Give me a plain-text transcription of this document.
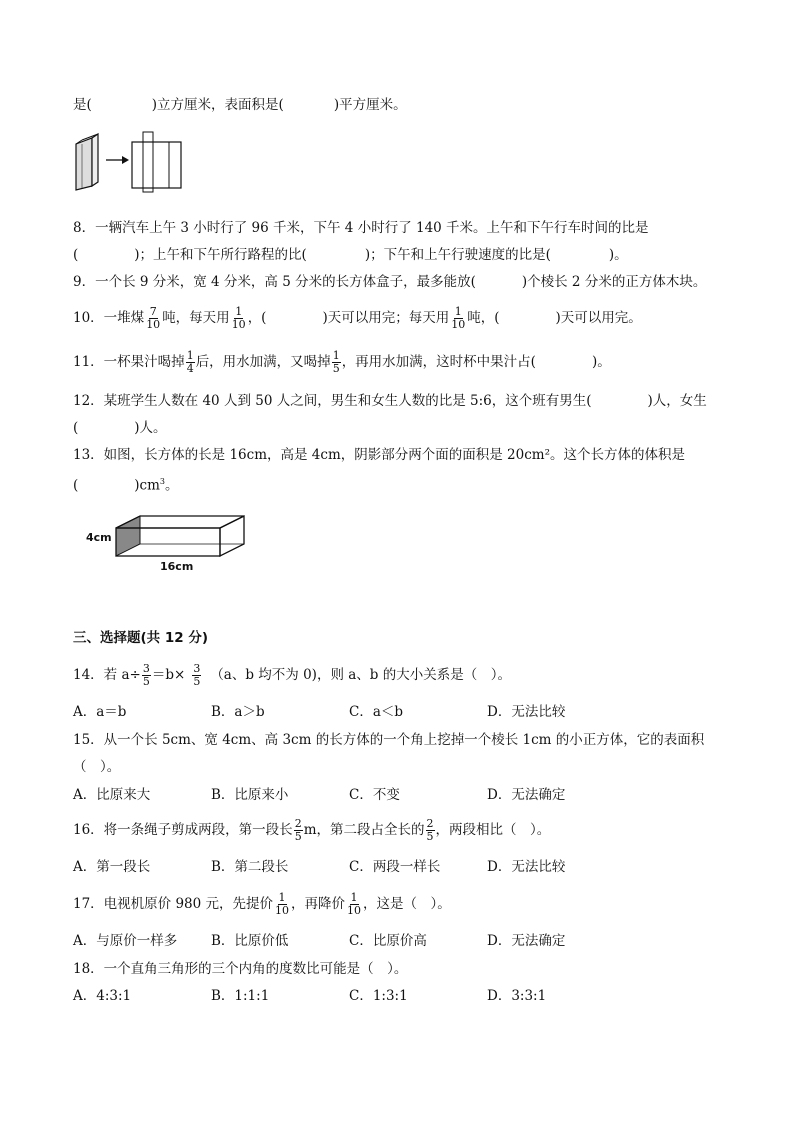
是(	)立方厘米，表面积是(	)平方厘米。
8．一辆汽车上午 3 小时行了 96 千米，下午 4 小时行了 140 千米。上午和下午行车时间的比是
(	)；上午和下午所行路程的比(	)；下午和上午行驶速度的比是(	)。
9．一个长 9 分米，宽 4 分米，高 5 分米的长方体盒子，最多能放(	)个棱长 2 分米的正方体木块。
10．一堆煤 $\frac{7}{10}$ 吨，每天用 $\frac{1}{10}$ ，(	)天可以用完；每天用 $\frac{1}{10}$ 吨，(	)天可以用完。
11．一杯果汁喝掉 $\frac{1}{4}$ 后，用水加满，又喝掉 $\frac{1}{5}$ ，再用水加满，这时杯中果汁占(	)。
12．某班学生人数在 40 人到 50 人之间，男生和女生人数的比是 5:6，这个班有男生(	)人，女生
(	)人。
13．如图，长方体的长是 16cm，高是 4cm，阴影部分两个面的面积是 20cm²。这个长方体的体积是
(	)$cm^3$。
4cm
16cm
三、选择题(共 12 分)
14．若 $a\div \frac{3}{5} =b\times \frac{3}{5} (a$、b 均不为 0)，则 a、b 的大小关系是（　）。
A．a＝b	B．a＞b	C．a＜b	D．无法比较
15．从一个长 5cm、宽 4cm、高 3cm 的长方体的一个角上挖掉一个棱长 1cm 的小正方体，它的表面积
（　）。
A．比原来大	B．比原来小	C．不变	D．无法确定
16．将一条绳子剪成两段，第一段长 $\frac{2}{5}$ m，第二段占全长的 $\frac{2}{5}$ ，两段相比（　）。
A．第一段长	B．第二段长	C．两段一样长	D．无法比较
17．电视机原价 980 元，先提价 $\frac{1}{10}$ ，再降价 $\frac{1}{10}$ ，这是（　）。
A．与原价一样多	B．比原价低	C．比原价高	D．无法确定
18．一个直角三角形的三个内角的度数比可能是（　）。
A．4:3:1	B．1:1:1	C．1:3:1	D．3:3:1
